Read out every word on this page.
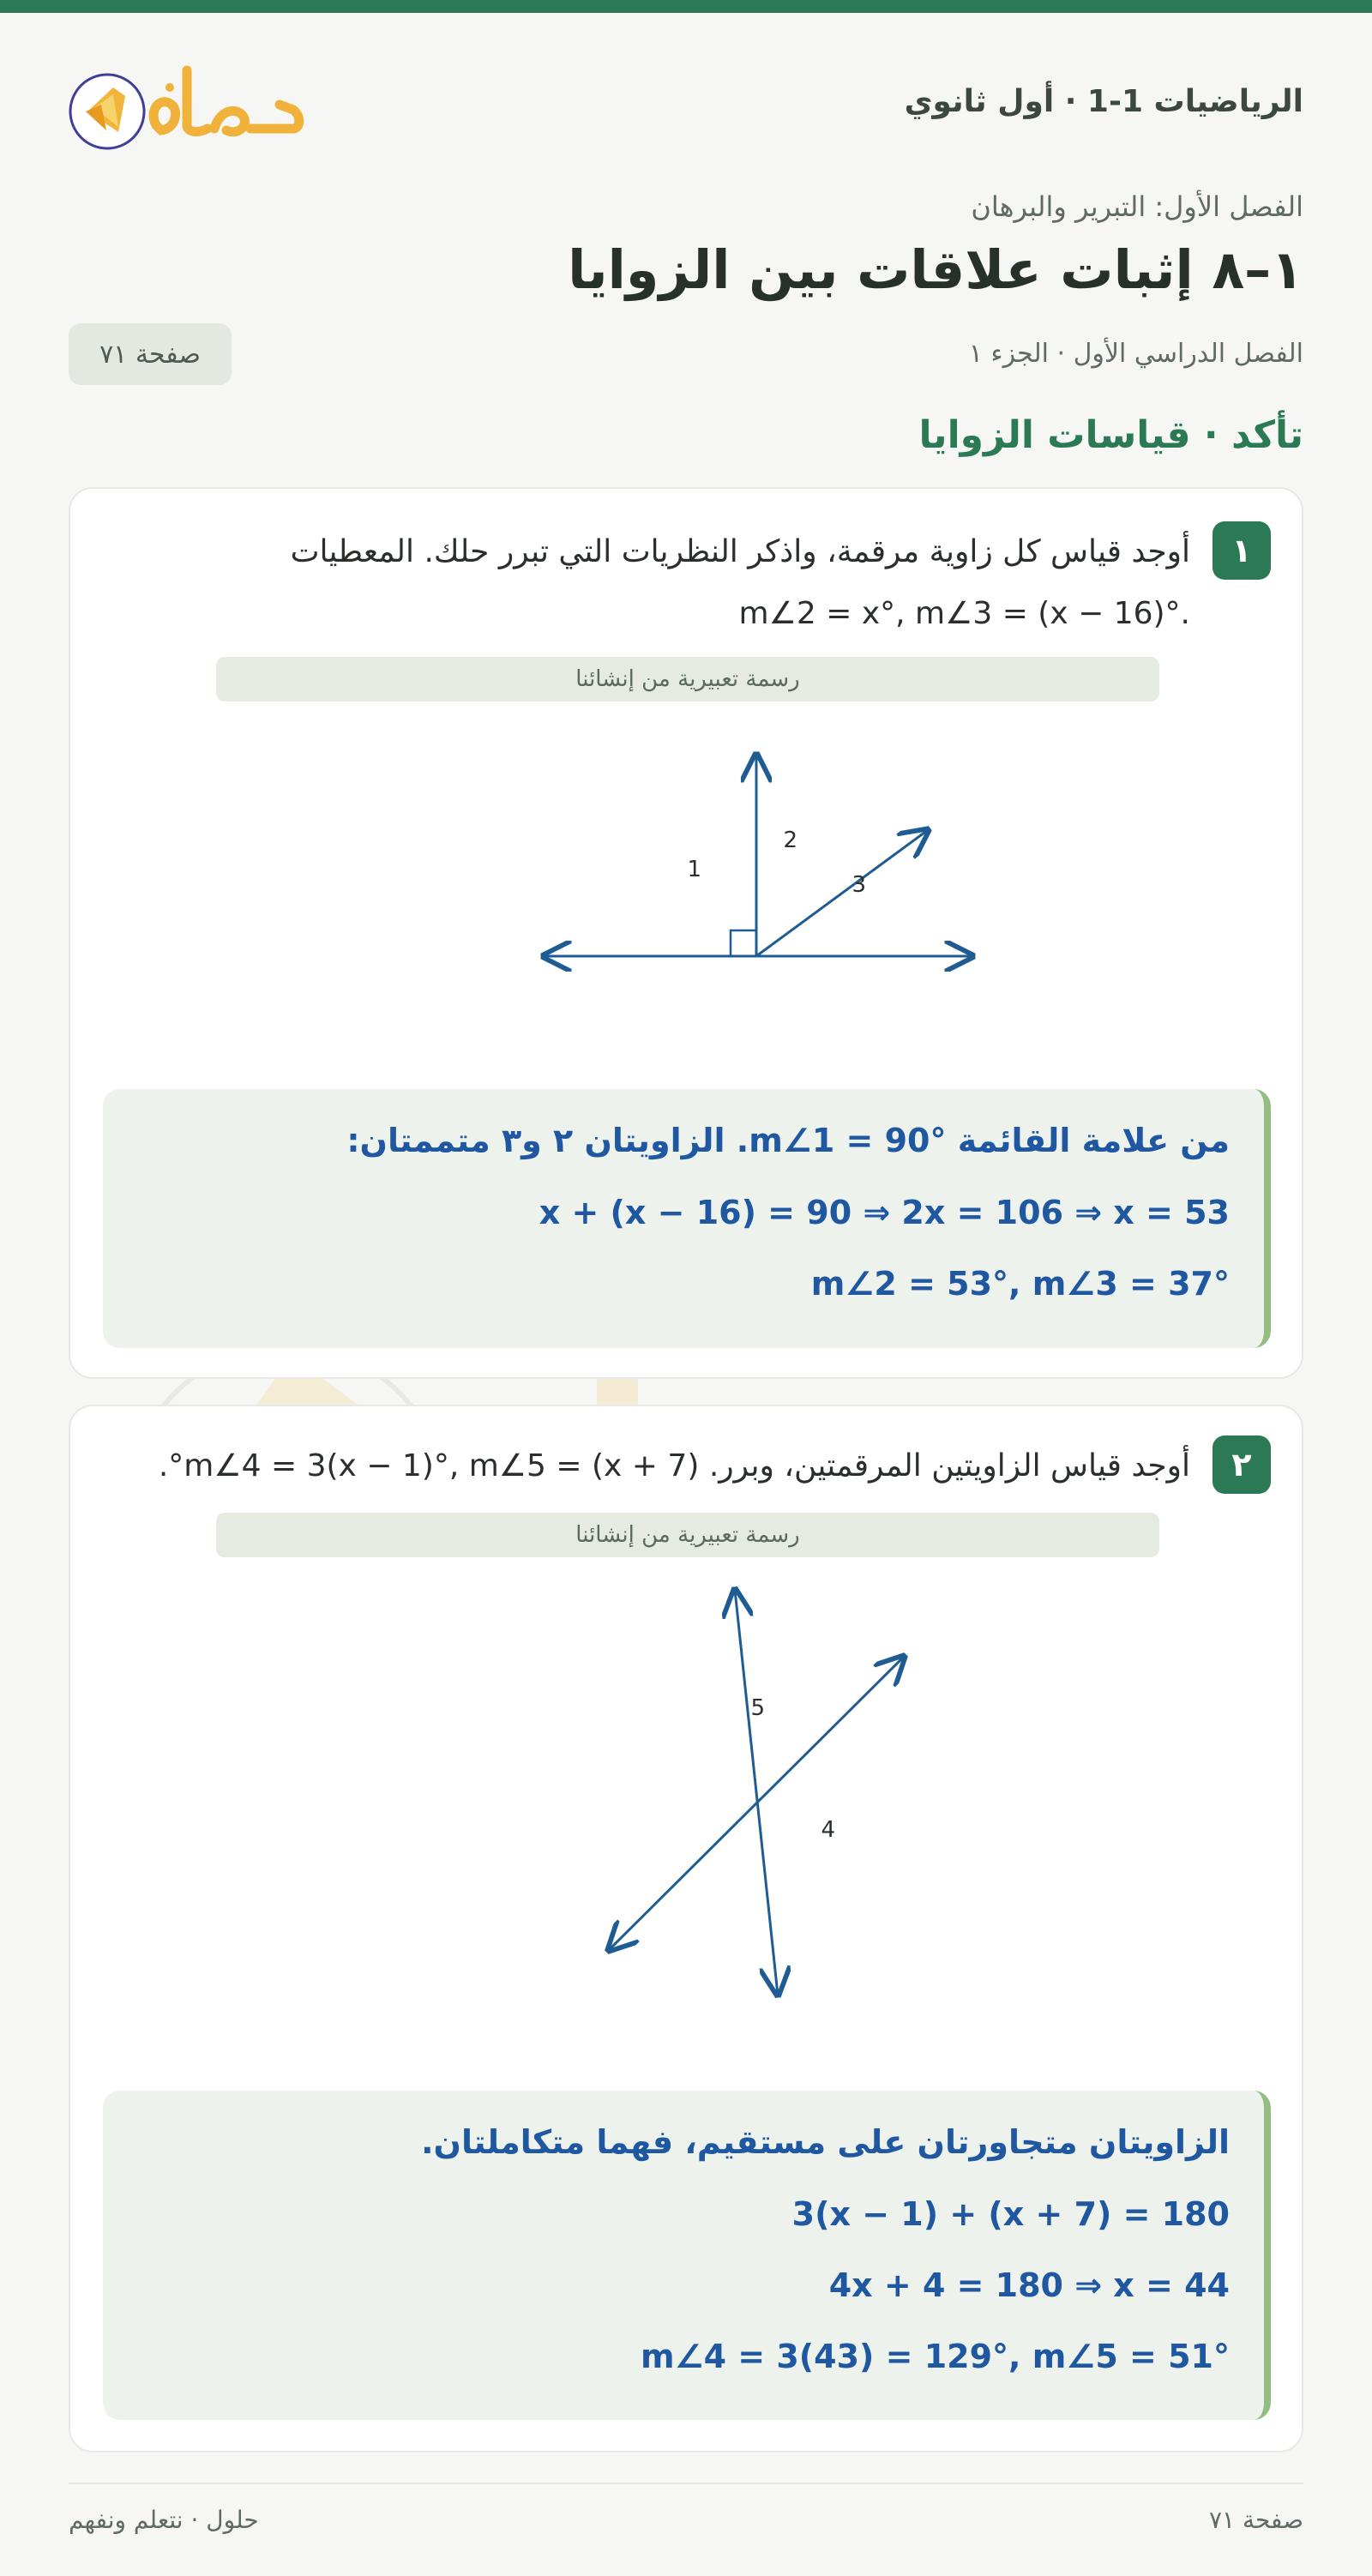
الرياضيات 1-1 · أول ثانوي
الفصل الأول: التبرير والبرهان
١–٨ إثبات علاقات بين الزوايا
الفصل الدراسي الأول · الجزء ١
صفحة ٧١
تأكد · قياسات الزوايا
١
أوجد قياس كل زاوية مرقمة، واذكر النظريات التي تبرر حلك. المعطيات
m∠2 = x°, m∠3 = (x − 16)°.
رسمة تعبيرية من إنشائنا
1
2
3
من علامة القائمة m∠1 = 90°. الزاويتان ٢ و٣ متممتان:
x + (x − 16) = 90 ⇒ 2x = 106 ⇒ x = 53
m∠2 = 53°, m∠3 = 37°
٢
أوجد قياس الزاويتين المرقمتين، وبرر. m∠4 = 3(x − 1)°, m∠5 = (x + 7)°.
رسمة تعبيرية من إنشائنا
5
4
الزاويتان متجاورتان على مستقيم، فهما متكاملتان.
3(x − 1) + (x + 7) = 180
4x + 4 = 180 ⇒ x = 44
m∠4 = 3(43) = 129°, m∠5 = 51°
صفحة ٧١
حلول · نتعلم ونفهم
